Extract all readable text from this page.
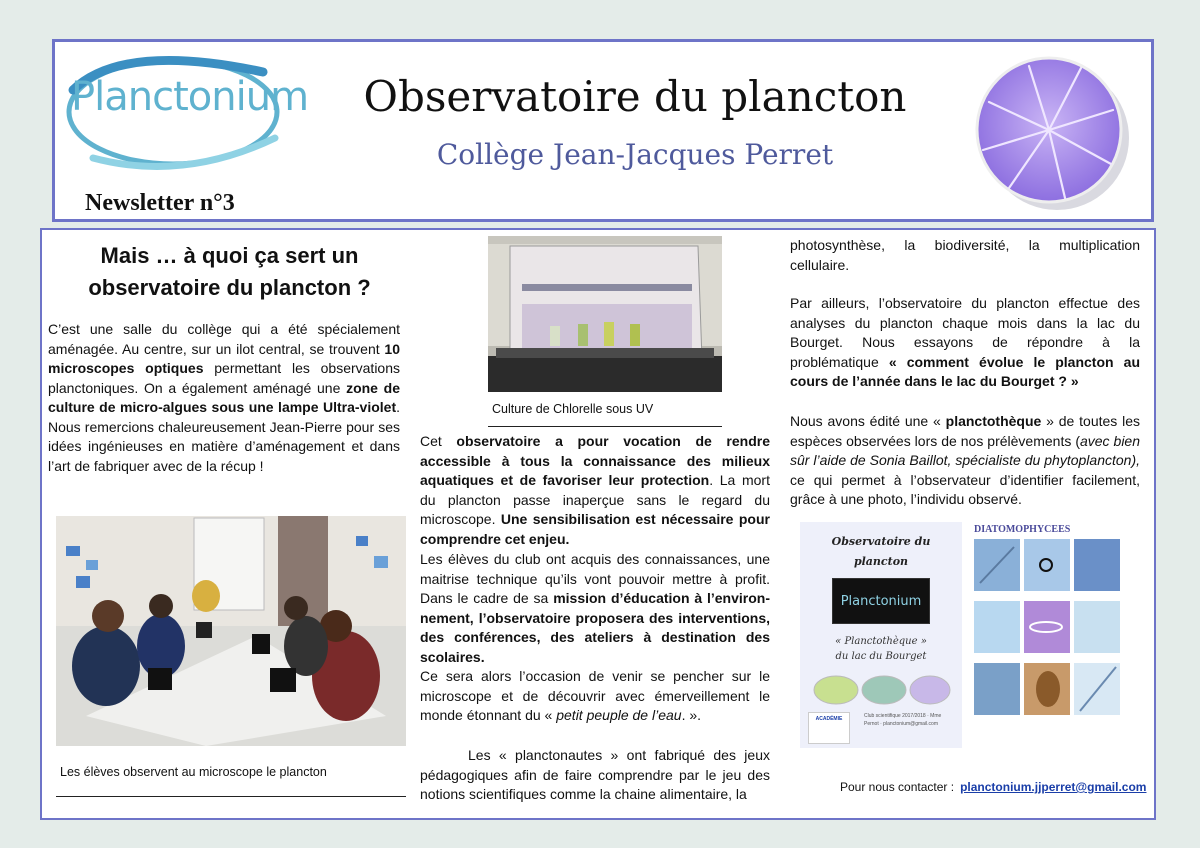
Planctonium
Newsletter n°3
Observatoire du plancton
Collège Jean-Jacques Perret
Mais … à quoi ça sert un
observatoire du plancton ?
C’est une salle du collège qui a été spécialement aménagée. Au centre, sur un ilot central, se trouvent 10 microscopes optiques permettant les observations planctoniques. On a également aménagé une zone de culture de micro-algues sous une lampe Ultra-violet. Nous remercions chaleureusement Jean-Pierre pour ses idées ingénieuses en matière d’aménagement et dans l’art de fabriquer avec de la récup !
Les élèves observent au microscope le plancton
Culture de Chlorelle sous UV
Cet observatoire a pour vocation de rendre accessible à tous la connaissance des milieux aquatiques et de favoriser leur protection. La mort du plancton passe inaperçue sans le regard du microscope. Une sensibilisation est nécessaire pour comprendre cet enjeu.
Les élèves du club ont acquis des connaissances, une maitrise technique qu’ils vont pouvoir mettre à profit. Dans le cadre de sa mission d’éducation à l’environ-nement, l’observatoire proposera des interventions, des conférences, des ateliers à destination des scolaires.
Ce sera alors l’occasion de venir se pencher sur le microscope et de découvrir avec émerveillement le monde étonnant du « petit peuple de l’eau. ».
Les « planctonautes » ont fabriqué des jeux pédagogiques afin de faire comprendre par le jeu des notions scientifiques comme la chaine alimentaire, la
photosynthèse, la biodiversité, la multiplication cellulaire.
Par ailleurs, l’observatoire du plancton effectue des analyses du plancton chaque mois dans la lac du Bourget. Nous essayons de répondre à la problématique « comment évolue le plancton au cours de l’année dans le lac du Bourget ? »
Nous avons édité une « planctothèque » de toutes les espèces observées lors de nos prélèvements (avec bien sûr l’aide de Sonia Baillot, spécialiste du phytoplancton), ce qui permet à l’observateur d’identifier facilement, grâce à une photo, l’individu observé.
Observatoire du plancton
Planctonium
« Planctothèque »
du lac du Bourget
ACADÉMIE	Club scientifique 2017/2018 · Mme Pernot · planctonium@gmail.com
DIATOMOPHYCEES
Pour nous contacter : planctonium.jjperret@gmail.com
